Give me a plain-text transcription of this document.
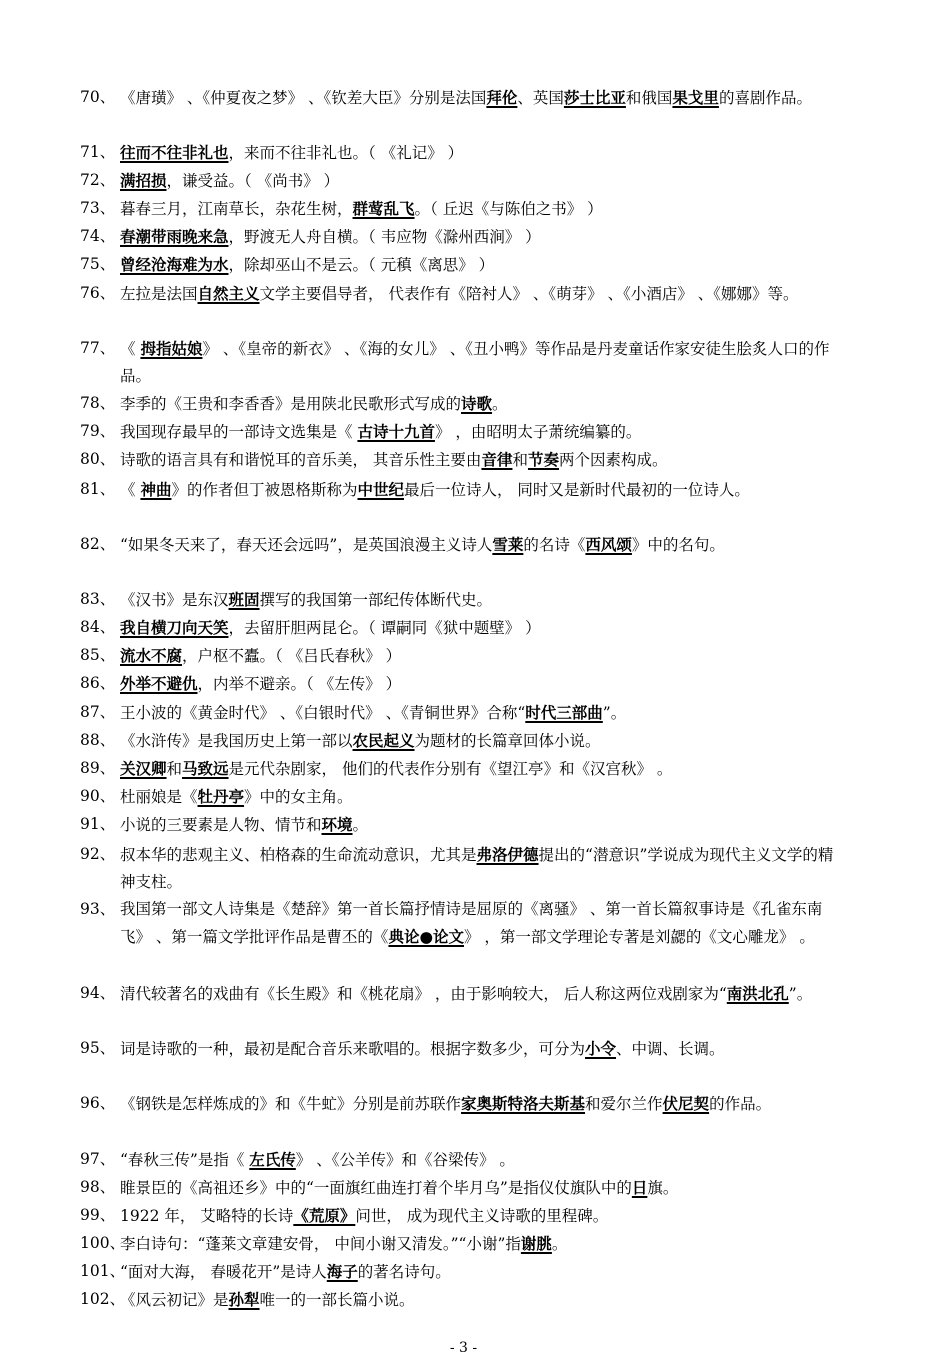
70、 《唐璜》 、《仲夏夜之梦》 、《钦差大臣》分别是法国拜伦、英国莎士比亚和俄国果戈里的喜剧作品。
71、 往而不往非礼也，来而不往非礼也。（ 《礼记》 ）
72、 满招损，谦受益。（ 《尚书》 ）
73、 暮春三月，江南草长，杂花生树，群莺乱飞。（ 丘迟《与陈伯之书》 ）
74、 春潮带雨晚来急，野渡无人舟自横。（ 韦应物《滁州西涧》 ）
75、 曾经沧海难为水，除却巫山不是云。（ 元稹《离思》 ）
76、 左拉是法国自然主义文学主要倡导者， 代表作有《陪衬人》 、《萌芽》 、《小酒店》 、《娜娜》等。
77、 《 拇指姑娘》 、《皇帝的新衣》 、《海的女儿》 、《丑小鸭》等作品是丹麦童话作家安徒生脍炙人口的作品。
78、 李季的《王贵和李香香》是用陕北民歌形式写成的诗歌。
79、 我国现存最早的一部诗文选集是《 古诗十九首》 ，由昭明太子萧统编纂的。
80、 诗歌的语言具有和谐悦耳的音乐美， 其音乐性主要由音律和节奏两个因素构成。
81、 《 神曲》的作者但丁被恩格斯称为中世纪最后一位诗人， 同时又是新时代最初的一位诗人。
82、 “如果冬天来了，春天还会远吗”，是英国浪漫主义诗人雪莱的名诗《西风颂》中的名句。
83、 《汉书》是东汉班固撰写的我国第一部纪传体断代史。
84、 我自横刀向天笑，去留肝胆两昆仑。（ 谭嗣同《狱中题壁》 ）
85、 流水不腐，户枢不蠹。（ 《吕氏春秋》 ）
86、 外举不避仇，内举不避亲。（ 《左传》 ）
87、 王小波的《黄金时代》 、《白银时代》 、《青铜世界》合称“时代三部曲”。
88、 《水浒传》是我国历史上第一部以农民起义为题材的长篇章回体小说。
89、 关汉卿和马致远是元代杂剧家， 他们的代表作分别有《望江亭》和《汉宫秋》 。
90、 杜丽娘是《牡丹亭》中的女主角。
91、 小说的三要素是人物、情节和环境。
92、 叔本华的悲观主义、柏格森的生命流动意识，尤其是弗洛伊德提出的“潜意识”学说成为现代主义文学的精神支柱。
93、 我国第一部文人诗集是《楚辞》第一首长篇抒情诗是屈原的《离骚》 、第一首长篇叙事诗是《孔雀东南飞》 、第一篇文学批评作品是曹丕的《典论●论文》 ，第一部文学理论专著是刘勰的《文心雕龙》 。
94、 清代较著名的戏曲有《长生殿》和《桃花扇》 ，由于影响较大， 后人称这两位戏剧家为“南洪北孔”。
95、 词是诗歌的一种，最初是配合音乐来歌唱的。根据字数多少，可分为小令、中调、长调。
96、 《钢铁是怎样炼成的》和《牛虻》分别是前苏联作家奥斯特洛夫斯基和爱尔兰作伏尼契的作品。
97、 “春秋三传”是指《 左氏传》 、《公羊传》和《谷梁传》 。
98、 睢景臣的《高祖还乡》中的“一面旗红曲连打着个毕月乌”是指仪仗旗队中的日旗。
99、 1922 年， 艾略特的长诗《荒原》问世， 成为现代主义诗歌的里程碑。
100、
李白诗句：“蓬莱文章建安骨， 中间小谢又清发。”“小谢”指谢朓。
101、
“面对大海， 春暖花开”是诗人海子的著名诗句。
102、
《风云初记》是孙犁唯一的一部长篇小说。
- 3 -
